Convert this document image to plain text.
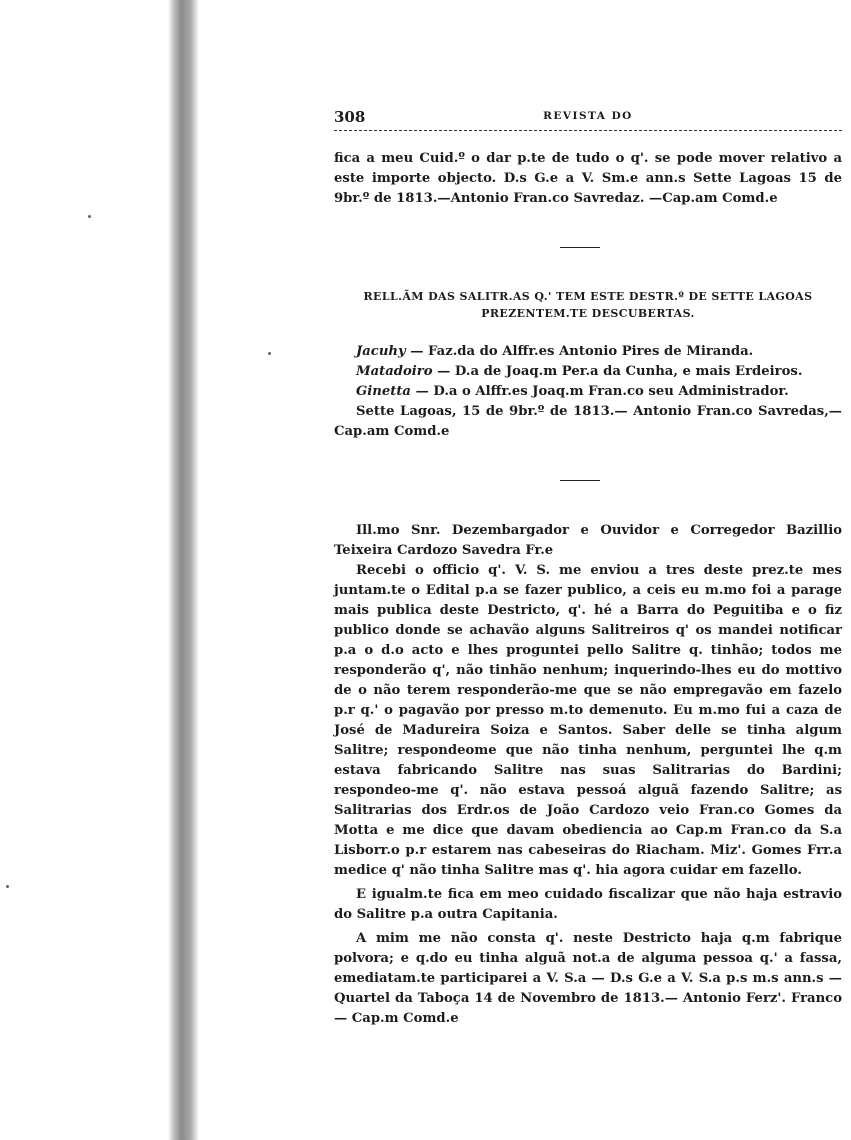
308	REVISTA DO

fica a meu Cuid.º o dar p.te de tudo o q'. se pode mover relativo a este importe objecto. D.s G.e a V. Sm.e ann.s Sette Lagoas 15 de 9br.º de 1813.—Antonio Fran.co Savredaz. —Cap.am Comd.e

RELL.ÃM DAS SALITR.AS Q.' TEM ESTE DESTR.º DE SETTE LAGOAS
PREZENTEM.TE DESCUBERTAS.
Jacuhy — Faz.da do Alffr.es Antonio Pires de Miranda.
Matadoiro — D.a de Joaq.m Per.a da Cunha, e mais Erdeiros.
Ginetta — D.a o Alffr.es Joaq.m Fran.co seu Administrador.

Sette Lagoas, 15 de 9br.º de 1813.— Antonio Fran.co Savredas,—Cap.am Comd.e

Ill.mo Snr. Dezembargador e Ouvidor e Corregedor Bazillio Teixeira Cardozo Savedra Fr.e

Recebi o officio q'. V. S. me enviou a tres deste prez.te mes juntam.te o Edital p.a se fazer publico, a ceis eu m.mo foi a parage mais publica deste Destricto, q'. hé a Barra do Peguitiba e o fiz publico donde se achavão alguns Salitreiros q' os mandei notificar p.a o d.o acto e lhes proguntei pello Salitre q. tinhão; todos me responderão q', não tinhão nenhum; inquerindo-lhes eu do mottivo de o não terem responderão-me que se não empregavão em fazelo p.r q.' o pagavão por presso m.to demenuto. Eu m.mo fui a caza de José de Madureira Soiza e Santos. Saber delle se tinha algum Salitre; respondeome que não tinha nenhum, perguntei lhe q.m estava fabricando Salitre nas suas Salitrarias do Bardini; respondeo-me q'. não estava pessoá alguã fazendo Salitre; as Salitrarias dos Erdr.os de João Cardozo veio Fran.co Gomes da Motta e me dice que davam obediencia ao Cap.m Fran.co da S.a Lisborr.o p.r estarem nas cabeseiras do Riacham. Miz'. Gomes Frr.a medice q' não tinha Salitre mas q'. hia agora cuidar em fazello.

E igualm.te fica em meo cuidado fiscalizar que não haja estravio do Salitre p.a outra Capitania.

A mim me não consta q'. neste Destricto haja q.m fabrique polvora; e q.do eu tinha alguã not.a de alguma pessoa q.' a fassa, emediatam.te participarei a V. S.a — D.s G.e a V. S.a p.s m.s ann.s — Quartel da Taboça 14 de Novembro de 1813.— Antonio Ferz'. Franco — Cap.m Comd.e
